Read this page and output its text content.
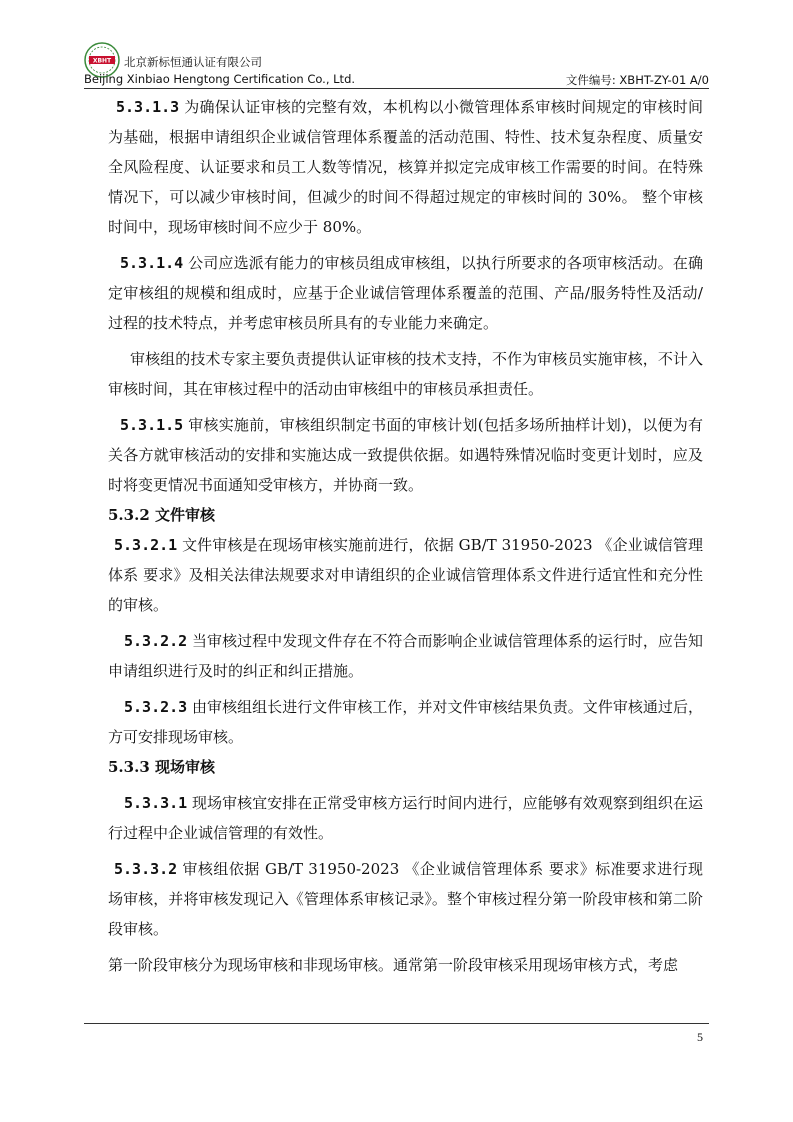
XBHT 北京新标恒通认证有限公司
Beijing Xinbiao Hengtong Certification Co., Ltd.	文件编号: XBHT-ZY-01 A/0

5.3.1.3 为确保认证审核的完整有效，本机构以小微管理体系审核时间规定的审核时间为基础，根据申请组织企业诚信管理体系覆盖的活动范围、特性、技术复杂程度、质量安全风险程度、认证要求和员工人数等情况，核算并拟定完成审核工作需要的时间。在特殊情况下，可以减少审核时间，但减少的时间不得超过规定的审核时间的 30%。 整个审核时间中，现场审核时间不应少于 80%。

5.3.1.4 公司应选派有能力的审核员组成审核组，以执行所要求的各项审核活动。在确定审核组的规模和组成时，应基于企业诚信管理体系覆盖的范围、产品/服务特性及活动/过程的技术特点，并考虑审核员所具有的专业能力来确定。

审核组的技术专家主要负责提供认证审核的技术支持，不作为审核员实施审核，不计入审核时间，其在审核过程中的活动由审核组中的审核员承担责任。

5.3.1.5 审核实施前，审核组织制定书面的审核计划(包括多场所抽样计划)，以便为有关各方就审核活动的安排和实施达成一致提供依据。如遇特殊情况临时变更计划时，应及时将变更情况书面通知受审核方，并协商一致。

5.3.2 文件审核

5.3.2.1 文件审核是在现场审核实施前进行，依据 GB/T 31950-2023 《企业诚信管理体系 要求》及相关法律法规要求对申请组织的企业诚信管理体系文件进行适宜性和充分性的审核。

5.3.2.2 当审核过程中发现文件存在不符合而影响企业诚信管理体系的运行时，应告知申请组织进行及时的纠正和纠正措施。

5.3.2.3 由审核组组长进行文件审核工作，并对文件审核结果负责。文件审核通过后，方可安排现场审核。

5.3.3 现场审核

5.3.3.1 现场审核宜安排在正常受审核方运行时间内进行，应能够有效观察到组织在运行过程中企业诚信管理的有效性。

5.3.3.2 审核组依据 GB/T 31950-2023 《企业诚信管理体系 要求》标准要求进行现场审核，并将审核发现记入《管理体系审核记录》。整个审核过程分第一阶段审核和第二阶段审核。

第一阶段审核分为现场审核和非现场审核。通常第一阶段审核采用现场审核方式，考虑

5
